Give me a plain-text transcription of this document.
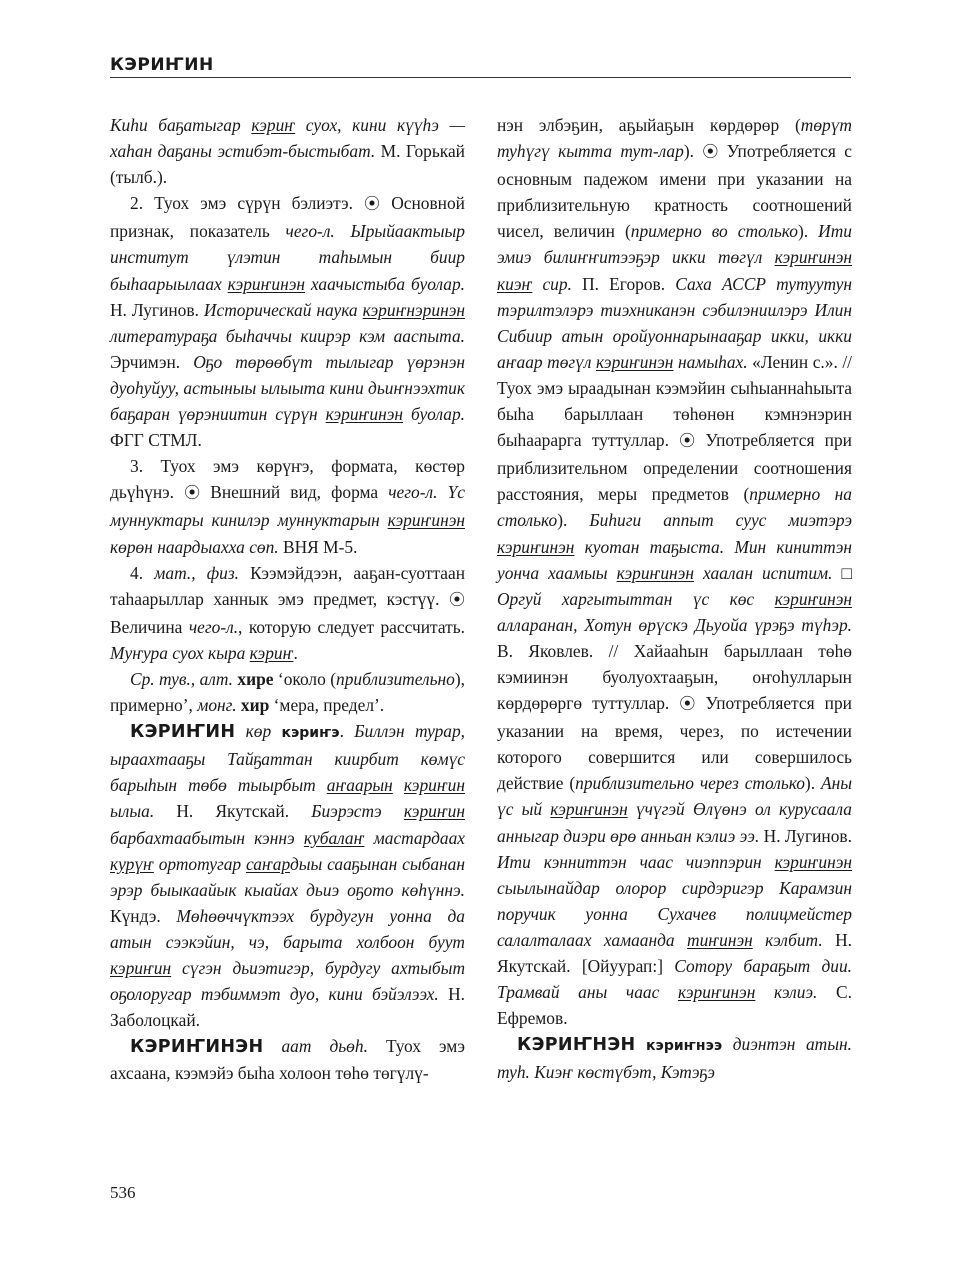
КЭРИҤИН

Киhи баҕатыгар кэриҥ суох, кини күүhэ — хаhан даҕаны эстибэт-быстыбат. М. Горькай (тылб.).

2. Туох эмэ сүрүн бэлиэтэ. ⦿ Основной признак, показатель чего-л. Ырыйаактыыр институт үлэтин таhымын биир быhаарыылаах кэриҥинэн хаачыстыба буолар. Н. Лугинов. Историческай наука кэриҥнэринэн литератураҕа быhаччы киирэр кэм ааспыта. Эрчимэн. Оҕо төрөөбүт тылыгар үөрэнэн дуоhуйуу, астыныы ылыыта кини дьиҥнээхтик баҕаран үөрэниитин сүрүн кэриҥинэн буолар. ФГГ СТМЛ.

3. Туох эмэ көрүҥэ, формата, көстөр дьүhүнэ. ⦿ Внешний вид, форма чего-л. Үс муннуктары кинилэр муннуктарын кэриҥинэн көрөн наардыахха сөп. ВНЯ М-5.

4. мат., физ. Кээмэйдээн, ааҕан-суоттаан таhаарыллар ханнык эмэ предмет, кэстүү. ⦿ Величина чего-л., которую следует рассчитать. Муҥура суох кыра кэриҥ.

Ср. тув., алт. хире ‘около (приблизительно), примерно’, монг. хир ‘мера, предел’.

КЭРИҤИН көр кэриҥэ. Биллэн турар, ыраахтааҕы Тайҕаттан киирбит көмүс барыhын төбө тыырбыт аҥаарын кэриҥин ылыа. Н. Якутскай. Биэрэстэ кэриҥин барбахтаабытын кэннэ кубалаҥ мастардаах курүҥ ортотугар саҥардыы сааҕынан сыбанан эрэр быыкаайык кыайах дьиэ оҕото көhүннэ. Күндэ. Мөhөөччүктээх бурдугун уонна да атын сээкэйин, чэ, барыта холбоон буут кэриҥин сүгэн дьиэтигэр, бурдугу ахтыбыт оҕолоругар тэбиммэт дуо, кини бэйэлээх. Н. Заболоцкай.

КЭРИҤИНЭН аат дьөh. Туох эмэ ахсаана, кээмэйэ быhа холоон төhө төгүлү-

нэн элбэҕин, аҕыйаҕын көрдөрөр (төрүт туhүгү кытта тут-лар). ⦿ Употребляется с основным падежом имени при указании на приблизительную кратность соотношений чисел, величин (примерно во столько). Ити эмиэ билиҥҥитээҕэр икки төгүл кэриҥинэн киэҥ сир. П. Егоров. Саха АССР тутуутун тэрилтэлэрэ тиэхниканэн сэбилэниилэрэ Илин Сибиир атын оройуоннарынааҕар икки, икки аҥаар төгүл кэриҥинэн намыhах. «Ленин с.». // Туох эмэ ыраадынан кээмэйин сыhыаннаhыыта быhа барыллаан төhөнөн кэмнэнэрин быhаарарга туттуллар. ⦿ Употребляется при приблизительном определении соотношения расстояния, меры предметов (примерно на столько). Биhиги аппыт суус миэтэрэ кэриҥинэн куотан таҕыста. Мин киниттэн уонча хаамыы кэриҥинэн хаалан испитим. □ Оргуй харгытыттан үс көс кэриҥинэн алларанан, Хотун өрүскэ Дьуойа үрэҕэ түhэр. В. Яковлев. // Хайааhын барыллаан төhө кэмиинэн буолуохтааҕын, оҥоhулларын көрдөрөргө туттуллар. ⦿ Употребляется при указании на время, через, по истечении которого совершится или совершилось действие (приблизительно через столько). Аны үс ый кэриҥинэн үчүгэй Өлүөнэ ол курусаала анныгар диэри өрө анньан кэлиэ ээ. Н. Лугинов. Ити кэнниттэн чаас чиэппэрин кэриҥинэн сыылынайдар олорор сирдэригэр Карамзин поручик уонна Сухачев полицмейстер салалталаах хамаанда тиҥинэн кэлбит. Н. Якутскай. [Ойуурап:] Сотору бараҕыт дии. Трамвай аны чаас кэриҥинэн кэлиэ. С. Ефремов.

КЭРИҤНЭН кэриҥнээ диэнтэн атын. туh. Киэҥ көстүбэт, Кэтэҕэ

536
